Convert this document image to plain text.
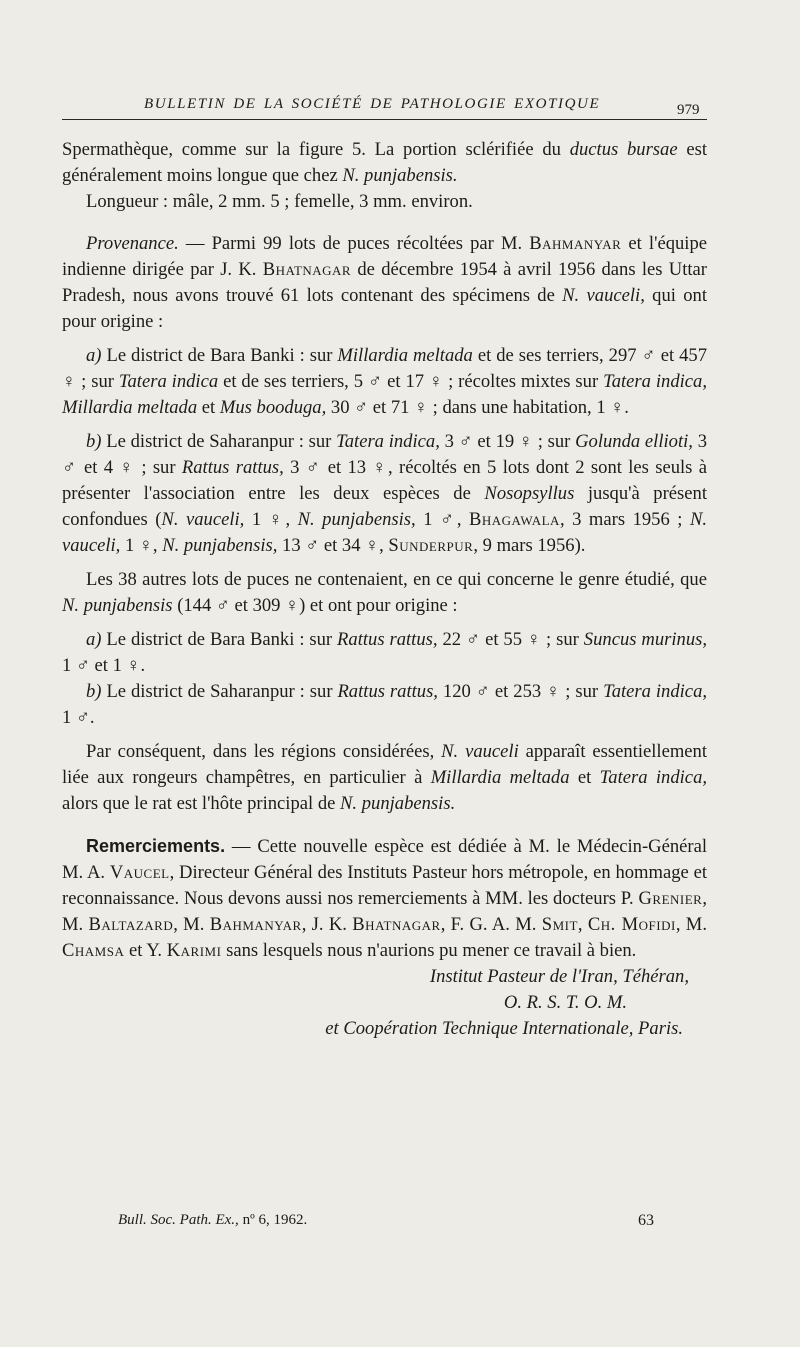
BULLETIN DE LA SOCIÉTÉ DE PATHOLOGIE EXOTIQUE	979

Spermathèque, comme sur la figure 5. La portion sclérifiée du ductus bursae est généralement moins longue que chez N. punjabensis.

Longueur : mâle, 2 mm. 5 ; femelle, 3 mm. environ.

Provenance. — Parmi 99 lots de puces récoltées par M. Bahmanyar et l'équipe indienne dirigée par J. K. Bhatnagar de décembre 1954 à avril 1956 dans les Uttar Pradesh, nous avons trouvé 61 lots contenant des spécimens de N. vauceli, qui ont pour origine :

a) Le district de Bara Banki : sur Millardia meltada et de ses terriers, 297 ♂ et 457 ♀ ; sur Tatera indica et de ses terriers, 5 ♂ et 17 ♀ ; récoltes mixtes sur Tatera indica, Millardia meltada et Mus booduga, 30 ♂ et 71 ♀ ; dans une habitation, 1 ♀.

b) Le district de Saharanpur : sur Tatera indica, 3 ♂ et 19 ♀ ; sur Golunda ellioti, 3 ♂ et 4 ♀ ; sur Rattus rattus, 3 ♂ et 13 ♀, récoltés en 5 lots dont 2 sont les seuls à présenter l'association entre les deux espèces de Nosopsyllus jusqu'à présent confondues (N. vauceli, 1 ♀, N. punjabensis, 1 ♂, Bhagawala, 3 mars 1956 ; N. vauceli, 1 ♀, N. punjabensis, 13 ♂ et 34 ♀, Sunderpur, 9 mars 1956).

Les 38 autres lots de puces ne contenaient, en ce qui concerne le genre étudié, que N. punjabensis (144 ♂ et 309 ♀) et ont pour origine :

a) Le district de Bara Banki : sur Rattus rattus, 22 ♂ et 55 ♀ ; sur Suncus murinus, 1 ♂ et 1 ♀.

b) Le district de Saharanpur : sur Rattus rattus, 120 ♂ et 253 ♀ ; sur Tatera indica, 1 ♂.

Par conséquent, dans les régions considérées, N. vauceli apparaît essentiellement liée aux rongeurs champêtres, en particulier à Millardia meltada et Tatera indica, alors que le rat est l'hôte principal de N. punjabensis.

Remerciements. — Cette nouvelle espèce est dédiée à M. le Médecin-Général M. A. Vaucel, Directeur Général des Instituts Pasteur hors métropole, en hommage et reconnaissance. Nous devons aussi nos remerciements à MM. les docteurs P. Grenier, M. Baltazard, M. Bahmanyar, J. K. Bhatnagar, F. G. A. M. Smit, Ch. Mofidi, M. Chamsa et Y. Karimi sans lesquels nous n'aurions pu mener ce travail à bien.

Institut Pasteur de l'Iran, Téhéran,

O. R. S. T. O. M.

et Coopération Technique Internationale, Paris.

Bull. Soc. Path. Ex., nº 6, 1962.	63
